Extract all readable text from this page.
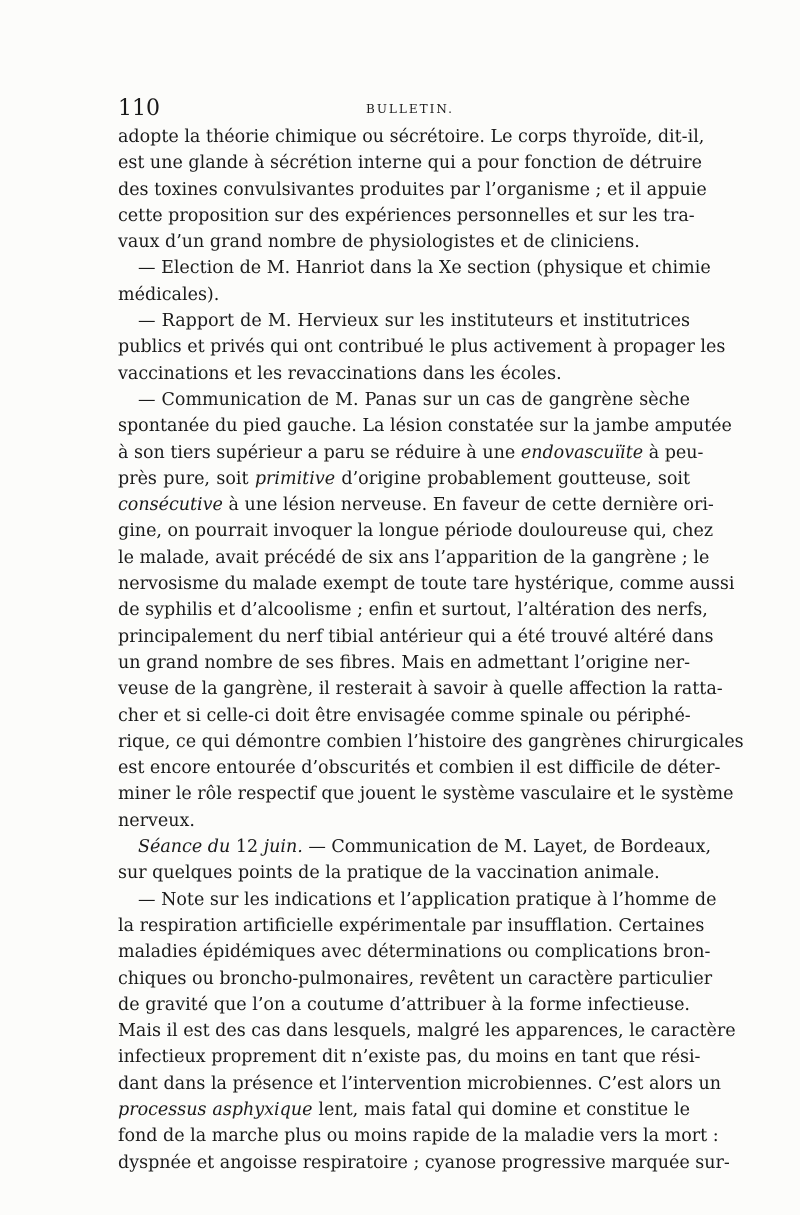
110	BULLETIN.
adopte la théorie chimique ou sécrétoire. Le corps thyroïde, dit-il,
est une glande à sécrétion interne qui a pour fonction de détruire
des toxines convulsivantes produites par l’organisme ; et il appuie
cette proposition sur des expériences personnelles et sur les tra-
vaux d’un grand nombre de physiologistes et de cliniciens.
— Election de M. Hanriot dans la Xe section (physique et chimie
médicales).
— Rapport de M. Hervieux sur les instituteurs et institutrices
publics et privés qui ont contribué le plus activement à propager les
vaccinations et les revaccinations dans les écoles.
— Communication de M. Panas sur un cas de gangrène sèche
spontanée du pied gauche. La lésion constatée sur la jambe amputée
à son tiers supérieur a paru se réduire à une endovascuïite à peu-
près pure, soit primitive d’origine probablement goutteuse, soit
consécutive à une lésion nerveuse. En faveur de cette dernière ori-
gine, on pourrait invoquer la longue période douloureuse qui, chez
le malade, avait précédé de six ans l’apparition de la gangrène ; le
nervosisme du malade exempt de toute tare hystérique, comme aussi
de syphilis et d’alcoolisme ; enfin et surtout, l’altération des nerfs,
principalement du nerf tibial antérieur qui a été trouvé altéré dans
un grand nombre de ses fibres. Mais en admettant l’origine ner-
veuse de la gangrène, il resterait à savoir à quelle affection la ratta-
cher et si celle-ci doit être envisagée comme spinale ou périphé-
rique, ce qui démontre combien l’histoire des gangrènes chirurgicales
est encore entourée d’obscurités et combien il est difficile de déter-
miner le rôle respectif que jouent le système vasculaire et le système
nerveux.
Séance du 12 juin. — Communication de M. Layet, de Bordeaux,
sur quelques points de la pratique de la vaccination animale.
— Note sur les indications et l’application pratique à l’homme de
la respiration artificielle expérimentale par insufflation. Certaines
maladies épidémiques avec déterminations ou complications bron-
chiques ou broncho-pulmonaires, revêtent un caractère particulier
de gravité que l’on a coutume d’attribuer à la forme infectieuse.
Mais il est des cas dans lesquels, malgré les apparences, le caractère
infectieux proprement dit n’existe pas, du moins en tant que rési-
dant dans la présence et l’intervention microbiennes. C’est alors un
processus asphyxique lent, mais fatal qui domine et constitue le
fond de la marche plus ou moins rapide de la maladie vers la mort :
dyspnée et angoisse respiratoire ; cyanose progressive marquée sur-
